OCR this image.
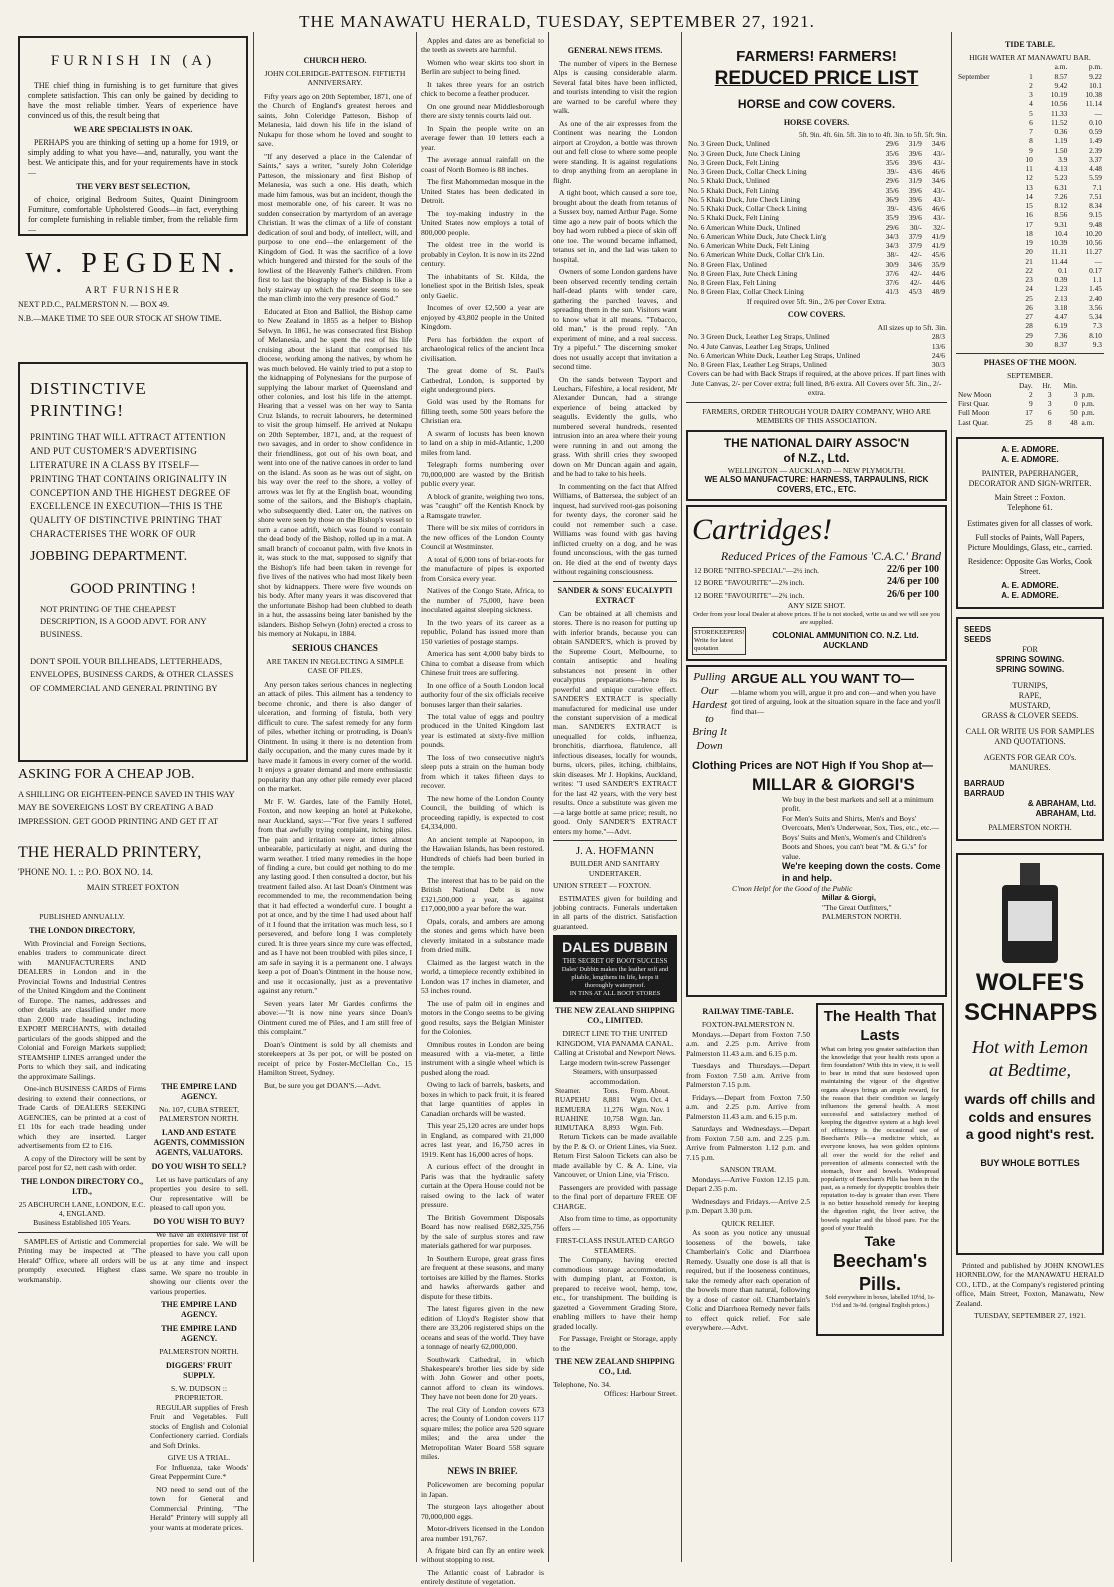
THE MANAWATU HERALD, TUESDAY, SEPTEMBER 27, 1921.
FURNISH IN (A)

THE chief thing in furnishing is to get furniture that gives complete satisfaction. This can only be gained by deciding to have the most reliable timber. Years of experience have convinced us of this, the result being that

WE ARE SPECIALISTS IN OAK.

PERHAPS you are thinking of setting up a home for 1919, or simply adding to what you have—and, naturally, you want the best. We anticipate this, and for your requirements have in stock —

THE VERY BEST SELECTION,

of choice, original Bedroom Suites, Quaint Diningroom Furniture, comfortable Upholstered Goods—in fact, everything for complete furnishing in reliable timber, from the reliable firm —

W. PEGDEN.
ART FURNISHER
NEXT P.D.C., PALMERSTON N. — BOX 49.
N.B.—MAKE TIME TO SEE OUR STOCK AT SHOW TIME.
DISTINCTIVE PRINTING!
PRINTING THAT WILL ATTRACT ATTENTION AND PUT CUSTOMER'S ADVERTISING LITERATURE IN A CLASS BY ITSELF—PRINTING THAT CONTAINS ORIGINALITY IN CONCEPTION AND THE HIGHEST DEGREE OF EXCELLENCE IN EXECUTION—THIS IS THE QUALITY OF DISTINCTIVE PRINTING THAT CHARACTERISES THE WORK OF OUR
JOBBING DEPARTMENT.
GOOD PRINTING !
NOT PRINTING OF THE CHEAPEST DESCRIPTION, IS A GOOD ADVT. FOR ANY BUSINESS.
DON'T SPOIL YOUR BILLHEADS, LETTERHEADS, ENVELOPES, BUSINESS CARDS, & OTHER CLASSES OF COMMERCIAL AND GENERAL PRINTING BY
ASKING FOR A CHEAP JOB.
A SHILLING OR EIGHTEEN-PENCE SAVED IN THIS WAY MAY BE SOVEREIGNS LOST BY CREATING A BAD IMPRESSION. GET GOOD PRINTING AND GET IT AT
THE HERALD PRINTERY,
'PHONE NO. 1. :: P.O. BOX NO. 14.
MAIN STREET FOXTON
PUBLISHED ANNUALLY.
THE LONDON DIRECTORY,

With Provincial and Foreign Sections, enables traders to communicate direct with MANUFACTURERS AND DEALERS in London and in the Provincial Towns and Industrial Centres of the United Kingdom and the Continent of Europe. The names, addresses and other details are classified under more than 2,000 trade headings, including EXPORT MERCHANTS, with detailed particulars of the goods shipped and the Colonial and Foreign Markets supplied; STEAMSHIP LINES arranged under the Ports to which they sail, and indicating the approximate Sailings.

One-inch BUSINESS CARDS of Firms desiring to extend their connections, or Trade Cards of DEALERS SEEKING AGENCIES, can be printed at a cost of £1 10s for each trade heading under which they are inserted. Larger advertisements from £2 to £16.

A copy of the Directory will be sent by parcel post for £2, nett cash with order.

THE LONDON DIRECTORY CO., LTD.,
25 ABCHURCH LANE, LONDON, E.C. 4, ENGLAND.
Business Established 105 Years.

SAMPLES of Artistic and Commercial Printing may be inspected at "The Herald" Office, where all orders will be promptly executed. Highest class workmanship.

THE EMPIRE LAND AGENCY.
No. 107, CUBA STREET, PALMERSTON NORTH.
LAND AND ESTATE AGENTS, COMMISSION AGENTS, VALUATORS.
DO YOU WISH TO SELL?

Let us have particulars of any properties you desire to sell. Our representative will be pleased to call upon you.

DO YOU WISH TO BUY?

We have an extensive list of properties for sale. We will be pleased to have you call upon us at any time and inspect same. We spare no trouble in showing our clients over the various properties.

THE EMPIRE LAND AGENCY.
THE EMPIRE LAND AGENCY.
PALMERSTON NORTH.
DIGGERS' FRUIT SUPPLY.
S. W. DUDSON :: PROPRIETOR.

REGULAR supplies of Fresh Fruit and Vegetables. Full stocks of English and Colonial Confectionery carried. Cordials and Soft Drinks.

GIVE US A TRIAL.

For Influenza, take Woods' Great Peppermint Cure.*

NO need to send out of the town for General and Commercial Printing. "The Herald" Printery will supply all your wants at moderate prices.

CHURCH HERO.
JOHN COLERIDGE-PATTESON. FIFTIETH ANNIVERSARY.

Fifty years ago on 20th September, 1871, one of the Church of England's greatest heroes and saints, John Coleridge Patteson, Bishop of Melanesia, laid down his life in the island of Nukapu for those whom he loved and sought to save.

"If any deserved a place in the Calendar of Saints," says a writer, "surely John Coleridge Patteson, the missionary and first Bishop of Melanesia, was such a one. His death, which made him famous, was but an incident, though the most memorable one, of his career. It was no sudden consecration by martyrdom of an average Christian. It was the climax of a life of constant dedication of soul and body, of intellect, will, and purpose to one end—the enlargement of the Kingdom of God. It was the sacrifice of a love which hungered and thirsted for the souls of the lowliest of the Heavenly Father's children. From first to last the biography of the Bishop is like a holy stairway up which the reader seems to see the man climb into the very presence of God."

Educated at Eton and Balliol, the Bishop came to New Zealand in 1855 as a helper to Bishop Selwyn. In 1861, he was consecrated first Bishop of Melanesia, and he spent the rest of his life cruising about the island that comprised his diocese, working among the natives, by whom he was much beloved. He vainly tried to put a stop to the kidnapping of Polynesians for the purpose of supplying the labour market of Queensland and other colonies, and lost his life in the attempt. Hearing that a vessel was on her way to Santa Cruz Islands, to recruit labourers, he determined to visit the group himself. He arrived at Nukapu on 20th September, 1871, and, at the request of two savages, and in order to show confidence in their friendliness, got out of his own boat, and went into one of the native canoes in order to land on the island. As soon as he was out of sight, on his way over the reef to the shore, a volley of arrows was let fly at the English boat, wounding some of the sailors, and the Bishop's chaplain, who subsequently died. Later on, the natives on shore were seen by those on the Bishop's vessel to turn a canoe adrift, which was found to contain the dead body of the Bishop, rolled up in a mat. A small branch of cocoanut palm, with five knots in it, was stuck to the mat, supposed to signify that the Bishop's life had been taken in revenge for five lives of the natives who had most likely been shot by kidnappers. There were five wounds on his body. After many years it was discovered that the unfortunate Bishop had been clubbed to death in a hut, the assassins being later banished by the islanders. Bishop Selwyn (John) erected a cross to his memory at Nukapu, in 1884.

SERIOUS CHANCES
ARE TAKEN IN NEGLECTING A SIMPLE CASE OF PILES.

Any person takes serious chances in neglecting an attack of piles. This ailment has a tendency to become chronic, and there is also danger of ulceration, and forming of fistula, both very difficult to cure. The safest remedy for any form of piles, whether itching or protruding, is Doan's Ointment. In using it there is no detention from daily occupation, and the many cures made by it have made it famous in every corner of the world. It enjoys a greater demand and more enthusiastic popularity than any other pile remedy ever placed on the market.

Mr F. W. Gardes, late of the Family Hotel, Foxton, and now keeping an hotel at Pukekohe, near Auckland, says:—"For five years I suffered from that awfully trying complaint, itching piles. The pain and irritation were at times almost unbearable, particularly at night, and during the warm weather. I tried many remedies in the hope of finding a cure, but could get nothing to do me any lasting good. I then consulted a doctor, but his treatment failed also. At last Doan's Ointment was recommended to me, the recommendation being that it had effected a wonderful cure. I bought a pot at once, and by the time I had used about half of it I found that the irritation was much less, so I persevered, and before long I was completely cured. It is three years since my cure was effected, and as I have not been troubled with piles since, I am safe in saying it is a permanent one. I always keep a pot of Doan's Ointment in the house now, and use it occasionally, just as a preventative against any return."

Seven years later Mr Gardes confirms the above:—"It is now nine years since Doan's Ointment cured me of Piles, and I am still free of this complaint."

Doan's Ointment is sold by all chemists and storekeepers at 3s per pot, or will be posted on receipt of price by Foster-McClellan Co., 15 Hamilton Street, Sydney.

But, be sure you get DOAN'S.—Advt.

Apples and dates are as beneficial to the teeth as sweets are harmful.

Women who wear skirts too short in Berlin are subject to being fined.

It takes three years for an ostrich chick to become a feather producer.

On one ground near Middlesborough there are sixty tennis courts laid out.

In Spain the people write on an average fewer than 10 letters each a year.

The average annual rainfall on the coast of North Borneo is 88 inches.

The first Mahommedan mosque in the United States has been dedicated in Detroit.

The toy-making industry in the United States now employs a total of 800,000 people.

The oldest tree in the world is probably in Ceylon. It is now in its 22nd century.

The inhabitants of St. Kilda, the loneliest spot in the British Isles, speak only Gaelic.

Incomes of over £2,500 a year are enjoyed by 43,802 people in the United Kingdom.

Peru has forbidden the export of archaeological relics of the ancient Inca civilisation.

The great dome of St. Paul's Cathedral, London, is supported by eight underground piers.

Gold was used by the Romans for filling teeth, some 500 years before the Christian era.

A swarm of locusts has been known to land on a ship in mid-Atlantic, 1,200 miles from land.

Telegraph forms numbering over 70,000,000 are wasted by the British public every year.

A block of granite, weighing two tons, was "caught" off the Kentish Knock by a Ramsgate trawler.

There will be six miles of corridors in the new offices of the London County Council at Westminster.

A total of 6,000 tons of briar-roots for the manufacture of pipes is exported from Corsica every year.

Natives of the Congo State, Africa, to the number of 75,000, have been inoculated against sleeping sickness.

In the two years of its career as a republic, Poland has issued more than 150 varieties of postage stamps.

America has sent 4,000 baby birds to China to combat a disease from which Chinese fruit trees are suffering.

In one office of a South London local authority four of the six officials receive bonuses larger than their salaries.

The total value of eggs and poultry produced in the United Kingdom last year is estimated at sixty-five million pounds.

The loss of two consecutive night's sleep puts a strain on the human body from which it takes fifteen days to recover.

The new home of the London County Council, the building of which is proceeding rapidly, is expected to cost £4,334,000.

An ancient temple at Napoopoo, in the Hawaiian Islands, has been restored. Hundreds of chiefs had been buried in the temple.

The interest that has to be paid on the British National Debt is now £321,500,000 a year, as against £17,000,000 a year before the war.

Opals, corals, and ambers are among the stones and gems which have been cleverly imitated in a substance made from dried milk.

Claimed as the largest watch in the world, a timepiece recently exhibited in London was 17 inches in diameter, and 53 inches round.

The use of palm oil in engines and motors in the Congo seems to be giving good results, says the Belgian Minister for the Colonies.

Omnibus routes in London are being measured with a via-meter, a little instrument with a single wheel which is pushed along the road.

Owing to lack of barrels, baskets, and boxes in which to pack fruit, it is feared that large quantities of apples in Canadian orchards will be wasted.

This year 25,120 acres are under hops in England, as compared with 21,000 acres last year, and 16,750 acres in 1919. Kent has 16,000 acres of hops.

A curious effect of the drought in Paris was that the hydraulic safety curtain at the Opera House could not be raised owing to the lack of water pressure.

The British Government Disposals Board has now realised £682,325,756 by the sale of surplus stores and raw materials gathered for war purposes.

In Southern Europe, great grass fires are frequent at these seasons, and many tortoises are killed by the flames. Storks and hawks afterwards gather and dispute for these titbits.

The latest figures given in the new edition of Lloyd's Register show that there are 33,206 registered ships on the oceans and seas of the world. They have a tonnage of nearly 62,000,000.

Southwark Cathedral, in which Shakespeare's brother lies side by side with John Gower and other poets, cannot afford to clean its windows. They have not been done for 20 years.

The real City of London covers 673 acres; the County of London covers 117 square miles; the police area 520 square miles; and the area under the Metropolitan Water Board 558 square miles.

NEWS IN BRIEF.

Policewomen are becoming popular in Japan.

The sturgeon lays altogether about 70,000,000 eggs.

Motor-drivers licensed in the London area number 191,767.

A frigate bird can fly an entire week without stopping to rest.

The Atlantic coast of Labrador is entirely destitute of vegetation.

GENERAL NEWS ITEMS.

The number of vipers in the Bernese Alps is causing considerable alarm. Several fatal bites have been inflicted, and tourists intending to visit the region are warned to be careful where they walk.

As one of the air expresses from the Continent was nearing the London airport at Croydon, a bottle was thrown out and fell close to where some people were standing. It is against regulations to drop anything from an aeroplane in flight.

A tight boot, which caused a sore toe, brought about the death from tetanus of a Sussex boy, named Arthur Page. Some time ago a new pair of boots which the boy had worn rubbed a piece of skin off one toe. The wound became inflamed, tetanus set in, and the lad was taken to hospital.

Owners of some London gardens have been observed recently tending certain half-dead plants with tender care, gathering the parched leaves, and spreading them in the sun. Visitors want to know what it all means. "Tobacco, old man," is the proud reply. "An experiment of mine, and a real success. Try a pipeful." The discerning smoker does not usually accept that invitation a second time.

On the sands between Tayport and Leuchars, Fifeshire, a local resident, Mr Alexander Duncan, had a strange experience of being attacked by seagulls. Evidently the gulls, who numbered several hundreds, resented intrusion into an area where their young were running in and out among the grass. With shrill cries they swooped down on Mr Duncan again and again, and he had to take to his heels.

In commenting on the fact that Alfred Williams, of Battersea, the subject of an inquest, had survived root-gas poisoning for twenty days, the coroner said he could not remember such a case. Williams was found with gas having inflicted cruelty on a dog, and he was found unconscious, with the gas turned on. He died at the end of twenty days without regaining consciousness.

SANDER & SONS' EUCALYPTI EXTRACT

Can be obtained at all chemists and stores. There is no reason for putting up with inferior brands, because you can obtain SANDER'S, which is proved by the Supreme Court, Melbourne, to contain antiseptic and healing substances not present in other eucalyptus preparations—hence its powerful and unique curative effect. SANDER'S EXTRACT is specially manufactured for medicinal use under the constant supervision of a medical man. SANDER'S EXTRACT is unequalled for colds, influenza, bronchitis, diarrhoea, flatulence, all infectious diseases, locally for wounds, burns, ulcers, piles, itching, chilblains, skin diseases. Mr J. Hopkins, Auckland, writes: "I used SANDER'S EXTRACT for the last 42 years, with the very best results. Once a substitute was given me—a large bottle at same price; result, no good. Only SANDER'S EXTRACT enters my home."—Advt.

J. A. HOFMANN
BUILDER AND SANITARY UNDERTAKER.
UNION STREET — FOXTON.

ESTIMATES given for building and jobbing contracts. Funerals undertaken in all parts of the district. Satisfaction guaranteed.

DALES DUBBIN
THE SECRET OF BOOT SUCCESS
Dales' Dubbin makes the leather soft and pliable, lengthens its life, keeps it thoroughly waterproof.
IN TINS AT ALL BOOT STORES
THE NEW ZEALAND SHIPPING CO., LIMITED.
DIRECT LINE TO THE UNITED KINGDOM, VIA PANAMA CANAL.
Calling at Cristobal and Newport News.
Large modern twin-screw Passenger Steamers, with unsurpassed accommodation.
Steamer.	Tons.	From. About.
RUAPEHU	8,881	Wgtn. Oct. 4
REMUERA	11,276	Wgtn. Nov. 1
RUAHINE	10,758	Wgtn. Jan.
RIMUTAKA	8,893	Wgtn. Feb.

Return Tickets can be made available by the P. & O. or Orient Lines, via Suez. Return First Saloon Tickets can also be made available by C. & A. Line, via Vancouver, or Union Line, via 'Frisco.

Passengers are provided with passage to the final port of departure FREE OF CHARGE.

Also from time to time, as opportunity offers —

FIRST-CLASS INSULATED CARGO STEAMERS.

The Company, having erected commodious storage accommodation, with dumping plant, at Foxton, is prepared to receive wool, hemp, tow, etc., for transhipment. The building is gazetted a Government Grading Store, enabling millers to have their hemp graded locally.

For Passage, Freight or Storage, apply to the

THE NEW ZEALAND SHIPPING CO., Ltd.
Telephone, No. 34.
Offices: Harbour Street.
FARMERS! FARMERS!
REDUCED PRICE LIST
HORSE and COW COVERS.
HORSE COVERS.
5ft. 9in. 4ft. 6in. 5ft. 3in to to 4ft. 3in. to 5ft. 5ft. 9in.
No. 3 Green Duck, Unlined	29/6	31/9	34/6
No. 3 Green Duck, Jute Check Lining	35/6	39/6	43/-
No. 3 Green Duck, Felt Lining	35/6	39/6	43/-
No. 3 Green Duck, Collar Check Lining	39/-	43/6	46/6
No. 5 Khaki Duck, Unlined	29/6	31/9	34/6
No. 5 Khaki Duck, Felt Lining	35/6	39/6	43/-
No. 5 Khaki Duck, Jute Check Lining	36/9	39/6	43/-
No. 5 Khaki Duck, Collar Check Lining	39/-	43/6	46/6
No. 5 Khaki Duck, Felt Lining	35/9	39/6	43/-
No. 6 American White Duck, Unlined	29/6	30/-	32/-
No. 6 American White Duck, Jute Check Lin'g	34/3	37/9	41/9
No. 6 American White Duck, Felt Lining	34/3	37/9	41/9
No. 6 American White Duck, Collar Ch'k Lin.	38/-	42/-	45/6
No. 8 Green Flax, Unlined	30/9	34/6	35/9
No. 8 Green Flax, Jute Check Lining	37/6	42/-	44/6
No. 8 Green Flax, Felt Lining	37/6	42/-	44/6
No. 8 Green Flax, Collar Check Lining	41/3	45/3	48/9
If required over 5ft. 9in., 2/6 per Cover Extra.
COW COVERS.
All sizes up to 5ft. 3in.
No. 3 Green Duck, Leather Leg Straps, Unlined	28/3
No. 4 Jute Canvas, Leather Leg Straps, Unlined	13/6
No. 6 American White Duck, Leather Leg Straps, Unlined	24/6
No. 8 Green Flax, Leather Leg Straps, Unlined	30/3
Covers can be had with Back Straps if required, at the above prices. If part lines with Jute Canvas, 2/- per Cover extra; full lined, 8/6 extra. All Covers over 5ft. 3in., 2/- extra.
FARMERS, ORDER THROUGH YOUR DAIRY COMPANY, WHO ARE MEMBERS OF THIS ASSOCIATION.
THE NATIONAL DAIRY ASSOC'N
of N.Z., Ltd.
WELLINGTON — AUCKLAND — NEW PLYMOUTH.
WE ALSO MANUFACTURE: HARNESS, TARPAULINS, RICK COVERS, ETC., ETC.
Cartridges!
Reduced Prices of the Famous 'C.A.C.' Brand
12 BORE "NITRO-SPECIAL"—2½ inch.	22/6 per 100
12 BORE "FAVOURITE"—2⅝ inch.	24/6 per 100
12 BORE "FAVOURITE"—2¾ inch.	26/6 per 100
ANY SIZE SHOT.
Order from your local Dealer at above prices. If he is not stocked, write us and we will see you are supplied.
STOREKEEPERS! Write for latest quotation
COLONIAL AMMUNITION CO. N.Z. Ltd. AUCKLAND
Pulling Our Hardest to Bring It Down
ARGUE ALL YOU WANT TO—
—blame whom you will, argue it pro and con—and when you have got tired of arguing, look at the situation square in the face and you'll find that—
Clothing Prices are NOT High If You Shop at—
MILLAR & GIORGI'S
We buy in the best markets and sell at a minimum profit.
For Men's Suits and Shirts, Men's and Boys' Overcoats, Men's Underwear, Sox, Ties, etc., etc.—Boys' Suits and Men's, Women's and Children's Boots and Shoes, you can't beat "M. & G.'s" for value.
We're keeping down the costs. Come in and help.
C'mon Help! for the Good of the Public
Millar & Giorgi,
"The Great Outfitters,"
PALMERSTON NORTH.
RAILWAY TIME-TABLE.
FOXTON-PALMERSTON N.

Mondays.—Depart from Foxton 7.50 a.m. and 2.25 p.m. Arrive from Palmerston 11.43 a.m. and 6.15 p.m.

Tuesdays and Thursdays.—Depart from Foxton 7.50 a.m. Arrive from Palmerston 7.15 p.m.

Fridays.—Depart from Foxton 7.50 a.m. and 2.25 p.m. Arrive from Palmerston 11.43 a.m. and 6.15 p.m.

Saturdays and Wednesdays.—Depart from Foxton 7.50 a.m. and 2.25 p.m. Arrive from Palmerston 1.12 p.m. and 7.15 p.m.

SANSON TRAM.

Mondays.—Arrive Foxton 12.15 p.m. Depart 2.35 p.m.

Wednesdays and Fridays.—Arrive 2.5 p.m. Depart 3.30 p.m.

QUICK RELIEF.

As soon as you notice any unusual looseness of the bowels, take Chamberlain's Colic and Diarrhoea Remedy. Usually one dose is all that is required, but if the looseness continues, take the remedy after each operation of the bowels more than natural, following by a dose of castor oil. Chamberlain's Colic and Diarrhoea Remedy never fails to effect quick relief. For sale everywhere.—Advt.

The Health That Lasts
What can bring you greater satisfaction than the knowledge that your health rests upon a firm foundation? With this in view, it is well to bear in mind that sure bestowed upon maintaining the vigour of the digestive organs always brings an ample reward, for the reason that their condition so largely influences the general health. A most successful and satisfactory method of keeping the digestive system at a high level of efficiency is the occasional use of Beecham's Pills—a medicine which, as everyone knows, has won golden opinions all over the world for the relief and prevention of ailments connected with the stomach, liver and bowels. Widespread popularity of Beecham's Pills has been in the past, as a remedy for dyspeptic troubles their reputation to-day is greater than ever. There is no better household remedy for keeping the digestion right, the liver active, the bowels regular and the blood pure. For the good of your Health
Take
Beecham's Pills.
Sold everywhere in boxes, labelled 10½d, 1s-1½d and 3s-9d. (original English prices.)
TIDE TABLE.
HIGH WATER AT MANAWATU BAR.
		a.m.	p.m.
September	1	8.57	9.22
	2	9.42	10.1
	3	10.19	10.38
	4	10.56	11.14
	5	11.33	—
	6	11.52	0.10
	7	0.36	0.59
	8	1.19	1.49
	9	1.50	2.39
	10	3.9	3.37
	11	4.13	4.48
	12	5.23	5.59
	13	6.31	7.1
	14	7.26	7.51
	15	8.12	8.34
	16	8.56	9.15
	17	9.31	9.48
	18	10.4	10.20
	19	10.39	10.56
	20	11.11	11.27
	21	11.44	—
	22	0.1	0.17
	23	0.39	1.1
	24	1.23	1.45
	25	2.13	2.40
	26	3.18	3.56
	27	4.47	5.34
	28	6.19	7.3
	29	7.36	8.10
	30	8.37	9.3
PHASES OF THE MOON.
SEPTEMBER.
	Day.	Hr.	Min.	
New Moon	2	3	3	p.m.
First Quar.	9	3	0	p.m.
Full Moon	17	6	50	p.m.
Last Quar.	25	8	48	a.m.
A. E. ADMORE.
A. E. ADMORE.
PAINTER, PAPERHANGER, DECORATOR AND SIGN-WRITER.
Main Street :: Foxton.
Telephone 61.
Estimates given for all classes of work.
Full stocks of Paints, Wall Papers, Picture Mouldings, Glass, etc., carried.
Residence: Opposite Gas Works, Cook Street.
A. E. ADMORE.
A. E. ADMORE.
SEEDS
SEEDS
FOR
SPRING SOWING.
SPRING SOWING.
TURNIPS,
RAPE,
MUSTARD,
GRASS & CLOVER SEEDS.
CALL OR WRITE US FOR SAMPLES AND QUOTATIONS.
AGENTS FOR GEAR CO's. MANURES.
BARRAUD
BARRAUD
& ABRAHAM, Ltd.
ABRAHAM, Ltd.
PALMERSTON NORTH.
WOLFE'S
SCHNAPPS
Hot with Lemon
at Bedtime,
wards off chills and colds and ensures a good night's rest.
BUY WHOLE BOTTLES

Printed and published by JOHN KNOWLES HORNBLOW, for the MANAWATU HERALD CO., LTD., at the Company's registered printing office, Main Street, Foxton, Manawatu, New Zealand.

TUESDAY, SEPTEMBER 27, 1921.
